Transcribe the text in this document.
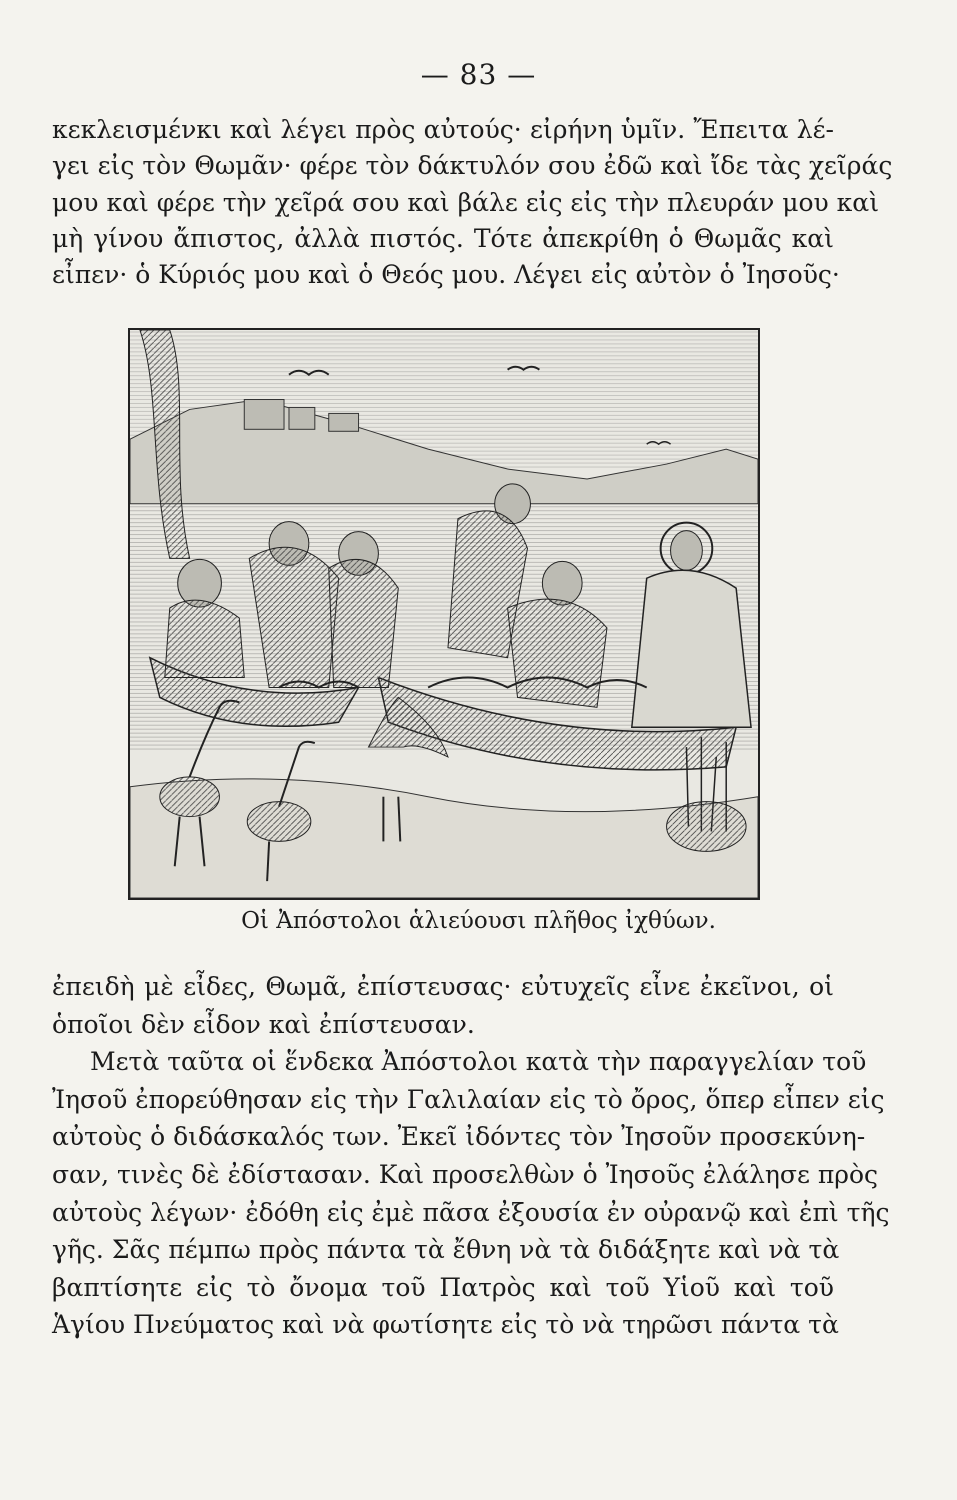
— 83 —
κεκλεισμένκι καὶ λέγει πρὸς αὐτούς· εἰρήνη ὑμῖν. Ἔπειτα λέ-
γει εἰς τὸν Θωμᾶν· φέρε τὸν δάκτυλόν σου ἐδῶ καὶ ἴδε τὰς χεῖράς
μου καὶ φέρε τὴν χεῖρά σου καὶ βάλε εἰς εἰς τὴν πλευράν μου καὶ
μὴ γίνου ἄπιστος, ἀλλὰ πιστός. Τότε ἀπεκρίθη ὁ Θωμᾶς καὶ
εἶπεν· ὁ Κύριός μου καὶ ὁ Θεός μου. Λέγει εἰς αὐτὸν ὁ Ἰησοῦς·
Οἱ Ἀπόστολοι ἁλιεύουσι πλῆθος ἰχθύων.
ἐπειδὴ μὲ εἶδες, Θωμᾶ, ἐπίστευσας· εὐτυχεῖς εἶνε ἐκεῖνοι, οἱ
ὁποῖοι δὲν εἶδον καὶ ἐπίστευσαν.
Μετὰ ταῦτα οἱ ἕνδεκα Ἀπόστολοι κατὰ τὴν παραγγελίαν τοῦ
Ἰησοῦ ἐπορεύθησαν εἰς τὴν Γαλιλαίαν εἰς τὸ ὄρος, ὅπερ εἶπεν εἰς
αὐτοὺς ὁ διδάσκαλός των. Ἐκεῖ ἰδόντες τὸν Ἰησοῦν προσεκύνη-
σαν, τινὲς δὲ ἐδίστασαν. Καὶ προσελθὼν ὁ Ἰησοῦς ἐλάλησε πρὸς
αὐτοὺς λέγων· ἐδόθη εἰς ἐμὲ πᾶσα ἐξουσία ἐν οὐρανῷ καὶ ἐπὶ τῆς
γῆς. Σᾶς πέμπω πρὸς πάντα τὰ ἔθνη νὰ τὰ διδάξητε καὶ νὰ τὰ
βαπτίσητε εἰς τὸ ὄνομα τοῦ Πατρὸς καὶ τοῦ Υἱοῦ καὶ τοῦ
Ἁγίου Πνεύματος καὶ νὰ φωτίσητε εἰς τὸ νὰ τηρῶσι πάντα τὰ
